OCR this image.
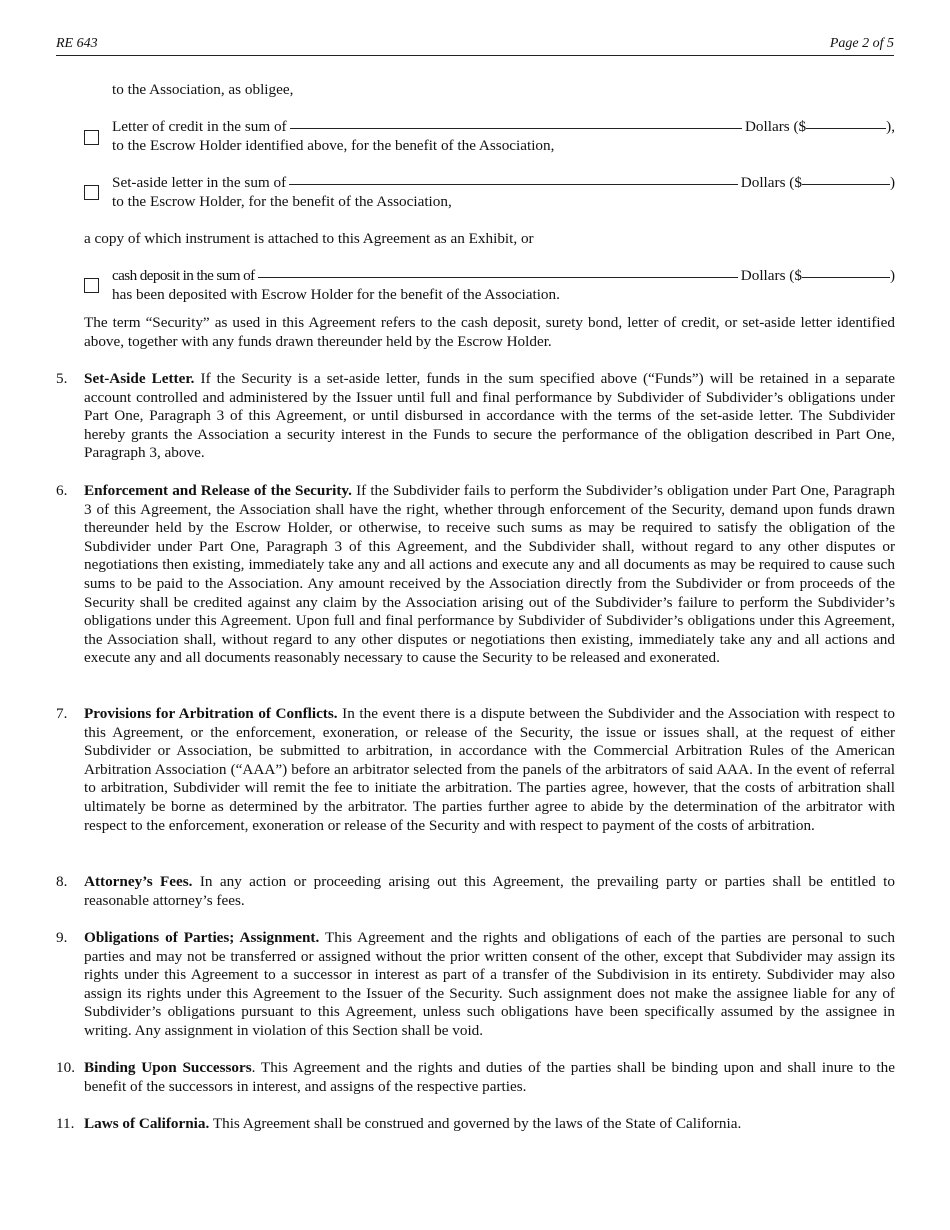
RE 643	Page 2 of 5
to the Association, as obligee,
Letter of credit in the sum of	Dollars ($	),
to the Escrow Holder identified above, for the benefit of the Association,
Set-aside letter in the sum of	Dollars ($	)
to the Escrow Holder, for the benefit of the Association,
a copy of which instrument is attached to this Agreement as an Exhibit, or
cash deposit in the sum of	Dollars ($	)
has been deposited with Escrow Holder for the benefit of the Association.
The term “Security” as used in this Agreement refers to the cash deposit, surety bond, letter of credit, or set-aside letter identified above, together with any funds drawn thereunder held by the Escrow Holder.
5. Set-Aside Letter. If the Security is a set-aside letter, funds in the sum specified above (“Funds”) will be retained in a separate account controlled and administered by the Issuer until full and final performance by Subdivider of Subdivider’s obligations under Part One, Paragraph 3 of this Agreement, or until disbursed in accordance with the terms of the set-aside letter. The Subdivider hereby grants the Association a security interest in the Funds to secure the performance of the obligation described in Part One, Paragraph 3, above.
6. Enforcement and Release of the Security. If the Subdivider fails to perform the Subdivider’s obligation under Part One, Paragraph 3 of this Agreement, the Association shall have the right, whether through enforcement of the Security, demand upon funds drawn thereunder held by the Escrow Holder, or otherwise, to receive such sums as may be required to satisfy the obligation of the Subdivider under Part One, Paragraph 3 of this Agreement, and the Subdivider shall, without regard to any other disputes or negotiations then existing, immediately take any and all actions and execute any and all documents as may be required to cause such sums to be paid to the Association. Any amount received by the Association directly from the Subdivider or from proceeds of the Security shall be credited against any claim by the Association arising out of the Subdivider’s failure to perform the Subdivider’s obligations under this Agreement. Upon full and final performance by Subdivider of Subdivider’s obligations under this Agreement, the Association shall, without regard to any other disputes or negotiations then existing, immediately take any and all actions and execute any and all documents reasonably necessary to cause the Security to be released and exonerated.
7. Provisions for Arbitration of Conflicts. In the event there is a dispute between the Subdivider and the Association with respect to this Agreement, or the enforcement, exoneration, or release of the Security, the issue or issues shall, at the request of either Subdivider or Association, be submitted to arbitration, in accordance with the Commercial Arbitration Rules of the American Arbitration Association (“AAA”) before an arbitrator selected from the panels of the arbitrators of said AAA. In the event of referral to arbitration, Subdivider will remit the fee to initiate the arbitration. The parties agree, however, that the costs of arbitration shall ultimately be borne as determined by the arbitrator. The parties further agree to abide by the determination of the arbitrator with respect to the enforcement, exoneration or release of the Security and with respect to payment of the costs of arbitration.
8. Attorney’s Fees. In any action or proceeding arising out this Agreement, the prevailing party or parties shall be entitled to reasonable attorney’s fees.
9. Obligations of Parties; Assignment. This Agreement and the rights and obligations of each of the parties are personal to such parties and may not be transferred or assigned without the prior written consent of the other, except that Subdivider may assign its rights under this Agreement to a successor in interest as part of a transfer of the Subdivision in its entirety. Subdivider may also assign its rights under this Agreement to the Issuer of the Security. Such assignment does not make the assignee liable for any of Subdivider’s obligations pursuant to this Agreement, unless such obligations have been specifically assumed by the assignee in writing. Any assignment in violation of this Section shall be void.
10. Binding Upon Successors. This Agreement and the rights and duties of the parties shall be binding upon and shall inure to the benefit of the successors in interest, and assigns of the respective parties.
11. Laws of California. This Agreement shall be construed and governed by the laws of the State of California.
